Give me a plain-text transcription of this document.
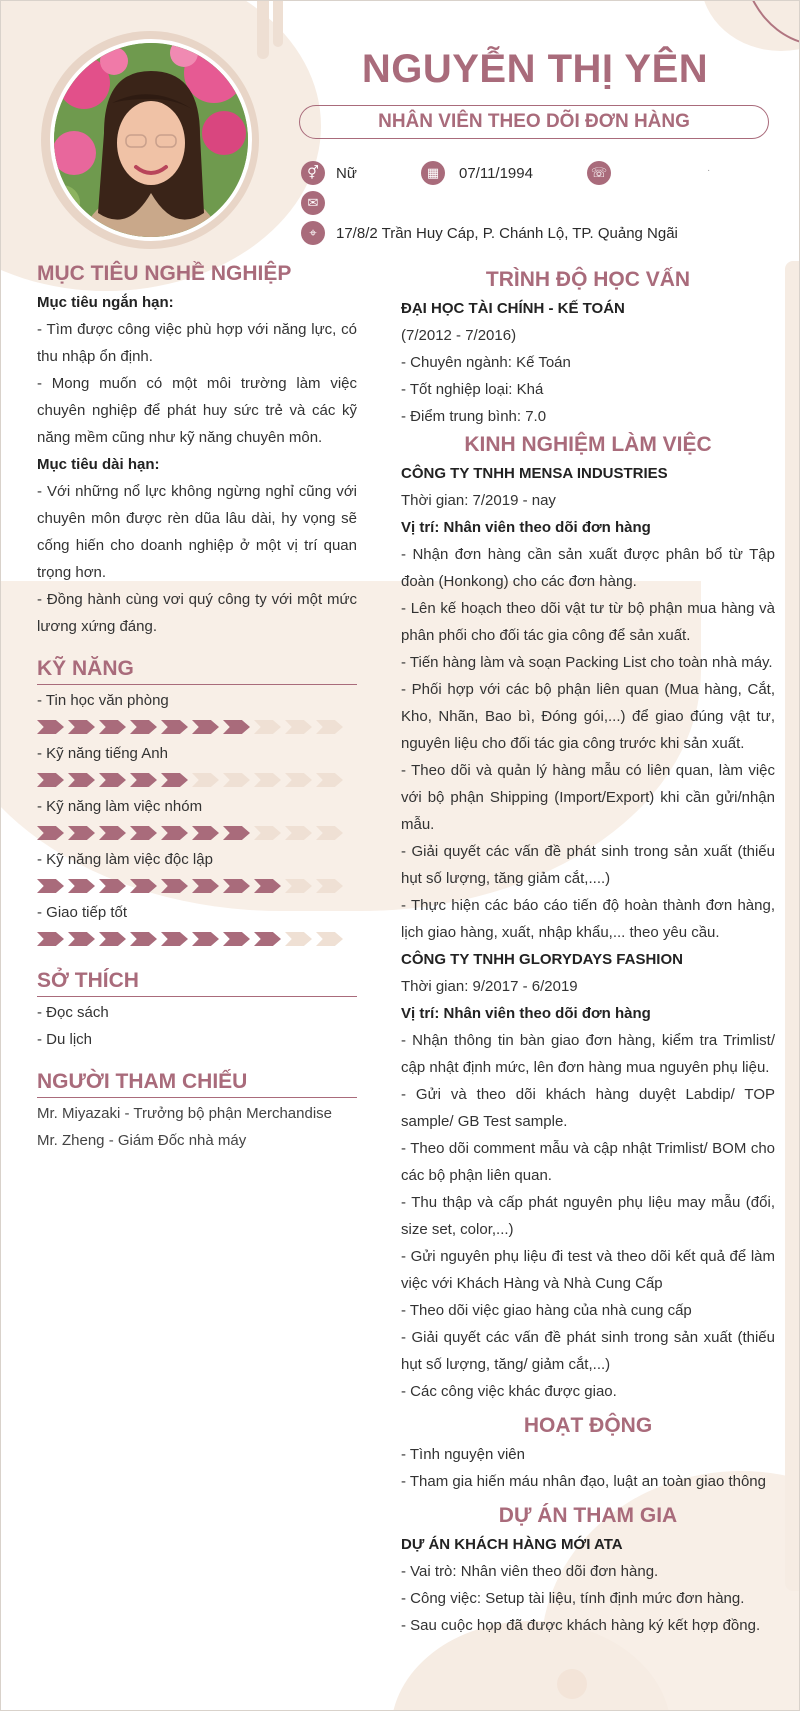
NGUYỄN THỊ YÊN
NHÂN VIÊN THEO DÕI ĐƠN HÀNG
⚥	Nữ	▦	07/11/1994	☏	·
✉
⌖	17/8/2 Trần Huy Cáp, P. Chánh Lộ, TP. Quảng Ngãi
MỤC TIÊU NGHỀ NGHIỆP
Mục tiêu ngắn hạn:
- Tìm được công việc phù hợp với năng lực, có thu nhập ổn định.
- Mong muốn có một môi trường làm việc chuyên nghiệp để phát huy sức trẻ và các kỹ năng mềm cũng như kỹ năng chuyên môn.
Mục tiêu dài hạn:
- Với những nổ lực không ngừng nghỉ cũng với chuyên môn được rèn dũa lâu dài, hy vọng sẽ cống hiến cho doanh nghiệp ở một vị trí quan trọng hơn.
- Đồng hành cùng vơi quý công ty với một mức lương xứng đáng.
KỸ NĂNG
- Tin học văn phòng
- Kỹ năng tiếng Anh
- Kỹ năng làm việc nhóm
- Kỹ năng làm việc độc lập
- Giao tiếp tốt
SỞ THÍCH
- Đọc sách
- Du lịch
NGƯỜI THAM CHIẾU
Mr. Miyazaki - Trưởng bộ phận Merchandise
Mr. Zheng - Giám Đốc nhà máy
TRÌNH ĐỘ HỌC VẤN
ĐẠI HỌC TÀI CHÍNH - KẾ TOÁN
(7/2012 - 7/2016)
- Chuyên ngành: Kế Toán
- Tốt nghiệp loại: Khá
- Điểm trung bình: 7.0
KINH NGHIỆM LÀM VIỆC
CÔNG TY TNHH MENSA INDUSTRIES
Thời gian: 7/2019 - nay
Vị trí: Nhân viên theo dõi đơn hàng
- Nhận đơn hàng cần sản xuất được phân bổ từ Tập đoàn (Honkong) cho các đơn hàng.
- Lên kế hoạch theo dõi vật tư từ bộ phận mua hàng và phân phối cho đối tác gia công để sản xuất.
- Tiến hàng làm và soạn Packing List cho toàn nhà máy.
- Phối hợp với các bộ phận liên quan (Mua hàng, Cắt, Kho, Nhãn, Bao bì, Đóng gói,...) để giao đúng vật tư, nguyên liệu cho đối tác gia công trước khi sản xuất.
- Theo dõi và quản lý hàng mẫu có liên quan, làm việc với bộ phận Shipping (Import/Export) khi cần gửi/nhận mẫu.
- Giải quyết các vấn đề phát sinh trong sản xuất (thiếu hụt số lượng, tăng giảm cắt,....)
- Thực hiện các báo cáo tiến độ hoàn thành đơn hàng, lịch giao hàng, xuất, nhập khẩu,... theo yêu cầu.
CÔNG TY TNHH GLORYDAYS FASHION
Thời gian: 9/2017 - 6/2019
Vị trí: Nhân viên theo dõi đơn hàng
- Nhận thông tin bàn giao đơn hàng, kiểm tra Trimlist/ cập nhật định mức, lên đơn hàng mua nguyên phụ liệu.
- Gửi và theo dõi khách hàng duyệt Labdip/ TOP sample/ GB Test sample.
- Theo dõi comment mẫu và cập nhật Trimlist/ BOM cho các bộ phận liên quan.
- Thu thập và cấp phát nguyên phụ liệu may mẫu (đổi, size set, color,...)
- Gửi nguyên phụ liệu đi test và theo dõi kết quả để làm việc với Khách Hàng và Nhà Cung Cấp
- Theo dõi việc giao hàng của nhà cung cấp
- Giải quyết các vấn đề phát sinh trong sản xuất (thiếu hụt số lượng, tăng/ giảm cắt,...)
- Các công việc khác được giao.
HOẠT ĐỘNG
- Tình nguyện viên
- Tham gia hiến máu nhân đạo, luật an toàn giao thông
DỰ ÁN THAM GIA
DỰ ÁN KHÁCH HÀNG MỚI ATA
- Vai trò: Nhân viên theo dõi đơn hàng.
- Công việc: Setup tài liệu, tính định mức đơn hàng.
- Sau cuộc họp đã được khách hàng ký kết hợp đồng.
